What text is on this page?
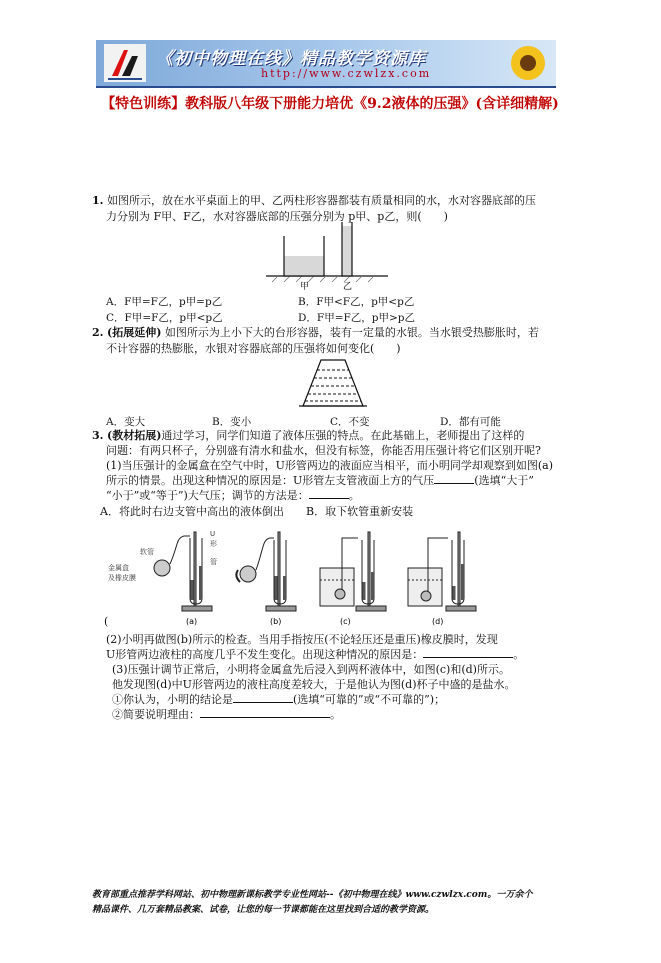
《初中物理在线》精品教学资源库
http://www.czwlzx.com
【特色训练】教科版八年级下册能力培优《9.2液体的压强》(含详细精解)
1. 如图所示，放在水平桌面上的甲、乙两柱形容器都装有质量相同的水，水对容器底部的压
力分别为 F甲、F乙，水对容器底部的压强分别为 p甲、p乙，则(　　)
甲	乙
A．F甲=F乙，p甲=p乙	B．F甲<F乙，p甲<p乙
C．F甲=F乙，p甲<p乙	D．F甲=F乙，p甲>p乙
2. (拓展延伸) 如图所示为上小下大的台形容器，装有一定量的水银。当水银受热膨胀时，若
不计容器的热膨胀，水银对容器底部的压强将如何变化(　　)
A．变大	B．变小	C．不变	D．都有可能
3. (教材拓展)通过学习，同学们知道了液体压强的特点。在此基础上，老师提出了这样的
问题：有两只杯子，分别盛有清水和盐水，但没有标签，你能否用压强计将它们区别开呢?
(1)当压强计的金属盒在空气中时，U形管两边的液面应当相平，而小明同学却观察到如图(a)
所示的情景。出现这种情况的原因是：U形管左支管液面上方的气压	(选填“大于”
“小于”或“等于”)大气压；调节的方法是：	。
A．将此时右边支管中高出的液体倒出 B．取下软管重新安装
金属盒
及橡皮膜
软管
U
形
管
(a)	(b)	(c)	(d)
(
(2)小明再做图(b)所示的检查。当用手指按压(不论轻压还是重压)橡皮膜时，发现
U形管两边液柱的高度几乎不发生变化。出现这种情况的原因是：	。
(3)压强计调节正常后，小明将金属盒先后浸入到两杯液体中，如图(c)和(d)所示。
他发现图(d)中U形管两边的液柱高度差较大，于是他认为图(d)杯子中盛的是盐水。
①你认为，小明的结论是	(选填“可靠的”或“不可靠的”)；
②简要说明理由：	。
教育部重点推荐学科网站、初中物理新课标教学专业性网站--《初中物理在线》www.czwlzx.com。一万余个
精品课件、几万套精品教案、试卷，让您的每一节课都能在这里找到合适的教学资源。
